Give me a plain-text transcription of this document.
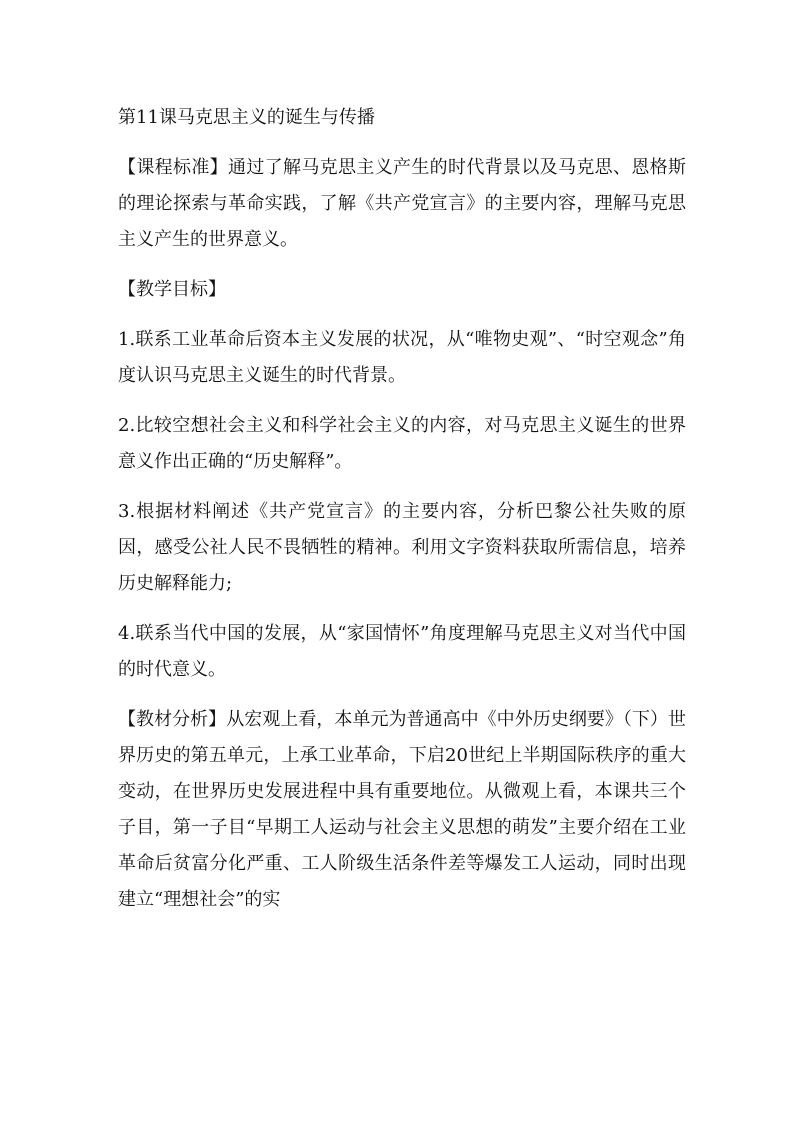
第11课马克思主义的诞生与传播

【课程标准】通过了解马克思主义产生的时代背景以及马克思、恩格斯的理论探索与革命实践，了解《共产党宣言》的主要内容，理解马克思主义产生的世界意义。

【教学目标】

1.联系工业革命后资本主义发展的状况，从“唯物史观”、“时空观念”角度认识马克思主义诞生的时代背景。

2.比较空想社会主义和科学社会主义的内容，对马克思主义诞生的世界意义作出正确的“历史解释”。

3.根据材料阐述《共产党宣言》的主要内容，分析巴黎公社失败的原因，感受公社人民不畏牺牲的精神。利用文字资料获取所需信息，培养历史解释能力;

4.联系当代中国的发展，从“家国情怀”角度理解马克思主义对当代中国的时代意义。

【教材分析】从宏观上看，本单元为普通高中《中外历史纲要》（下）世界历史的第五单元，上承工业革命，下启20世纪上半期国际秩序的重大变动，在世界历史发展进程中具有重要地位。从微观上看，本课共三个子目，第一子目“早期工人运动与社会主义思想的萌发”主要介绍在工业革命后贫富分化严重、工人阶级生活条件差等爆发工人运动，同时出现建立“理想社会”的实
